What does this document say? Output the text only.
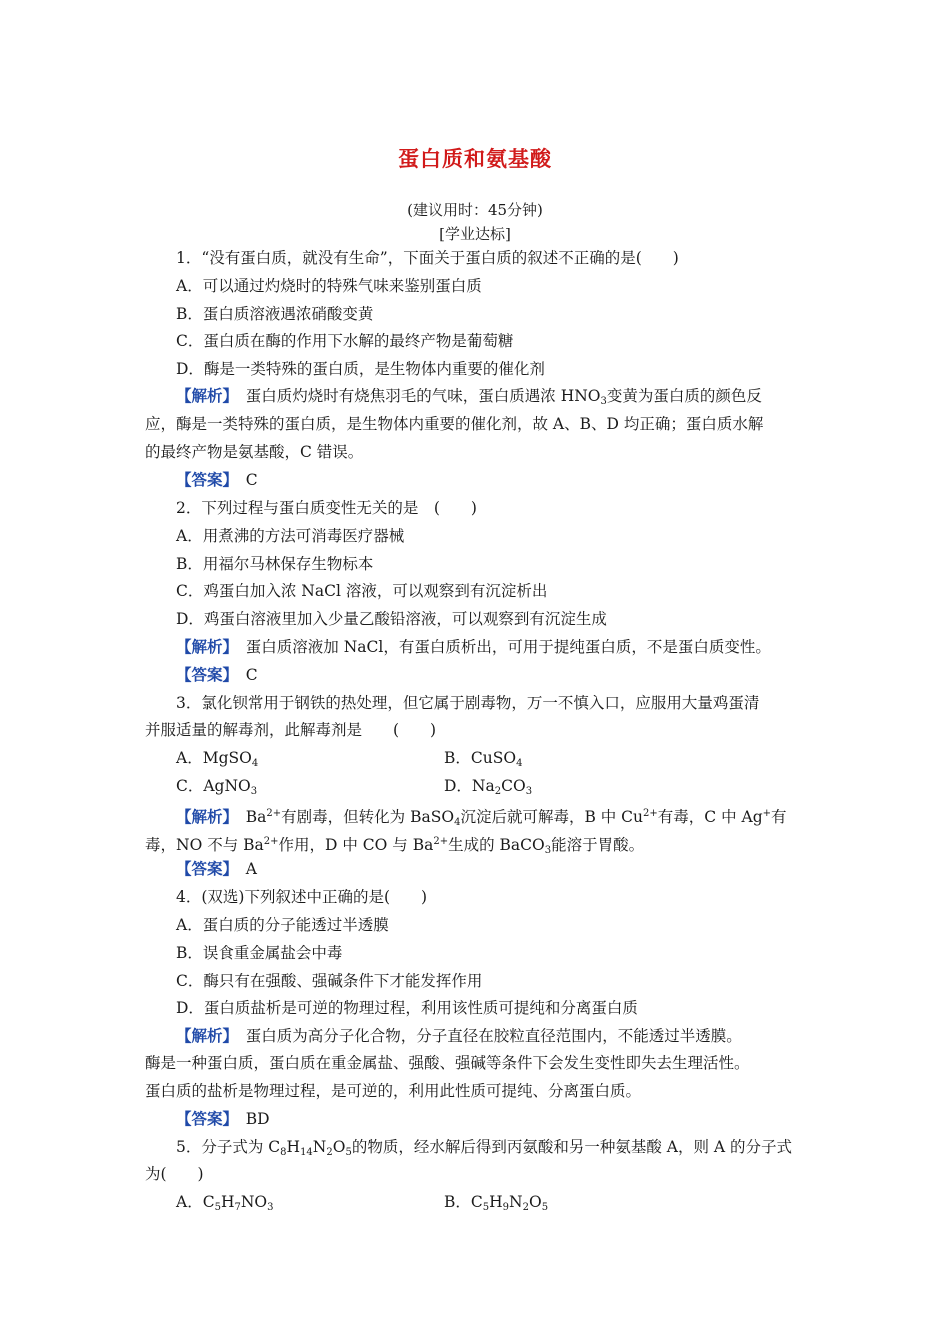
蛋白质和氨基酸
(建议用时：45分钟)
[学业达标]
1．“没有蛋白质，就没有生命”，下面关于蛋白质的叙述不正确的是(　　)
A．可以通过灼烧时的特殊气味来鉴别蛋白质
B．蛋白质溶液遇浓硝酸变黄
C．蛋白质在酶的作用下水解的最终产物是葡萄糖
D．酶是一类特殊的蛋白质，是生物体内重要的催化剂
【解析】　 蛋白质灼烧时有烧焦羽毛的气味，蛋白质遇浓 $HNO_3$变黄为蛋白质的颜色反
应，酶是一类特殊的蛋白质，是生物体内重要的催化剂，故 A、B、D 均正确；蛋白质水解
的最终产物是氨基酸，C 错误。
【答案】　 C
2．下列过程与蛋白质变性无关的是　(　　)
A．用煮沸的方法可消毒医疗器械
B．用福尔马林保存生物标本
C．鸡蛋白加入浓 NaCl 溶液，可以观察到有沉淀析出
D．鸡蛋白溶液里加入少量乙酸铅溶液，可以观察到有沉淀生成
【解析】　 蛋白质溶液加 NaCl，有蛋白质析出，可用于提纯蛋白质，不是蛋白质变性。
【答案】　 C
3．氯化钡常用于钢铁的热处理，但它属于剧毒物，万一不慎入口，应服用大量鸡蛋清
并服适量的解毒剂，此解毒剂是　　(　　)
A．MgSO$_4$	B．CuSO$_4$
C．AgNO$_3$	D．$Na_2CO_3$
【解析】　 $Ba^{2+}$有剧毒，但转化为 BaSO$_4$沉淀后就可解毒，B 中 $Cu^{2+}$有毒，C 中 Ag+有
毒，NO 不与 $Ba^{2+}$作用，D 中 CO 与 $Ba^{2+}$生成的 BaCO$_3$能溶于胃酸。
【答案】　 A
4．(双选)下列叙述中正确的是(　　)
A．蛋白质的分子能透过半透膜
B．误食重金属盐会中毒
C．酶只有在强酸、强碱条件下才能发挥作用
D．蛋白质盐析是可逆的物理过程，利用该性质可提纯和分离蛋白质
【解析】　 蛋白质为高分子化合物，分子直径在胶粒直径范围内，不能透过半透膜。
酶是一种蛋白质，蛋白质在重金属盐、强酸、强碱等条件下会发生变性即失去生理活性。
蛋白质的盐析是物理过程，是可逆的，利用此性质可提纯、分离蛋白质。
【答案】　 BD
5．分子式为 $C_8H_{14}N_2O_5$的物质，经水解后得到丙氨酸和另一种氨基酸 A，则 A 的分子式
为(　　)
A．$C_5H_7NO_3$	B．$C_5H_9N_2O_5$
